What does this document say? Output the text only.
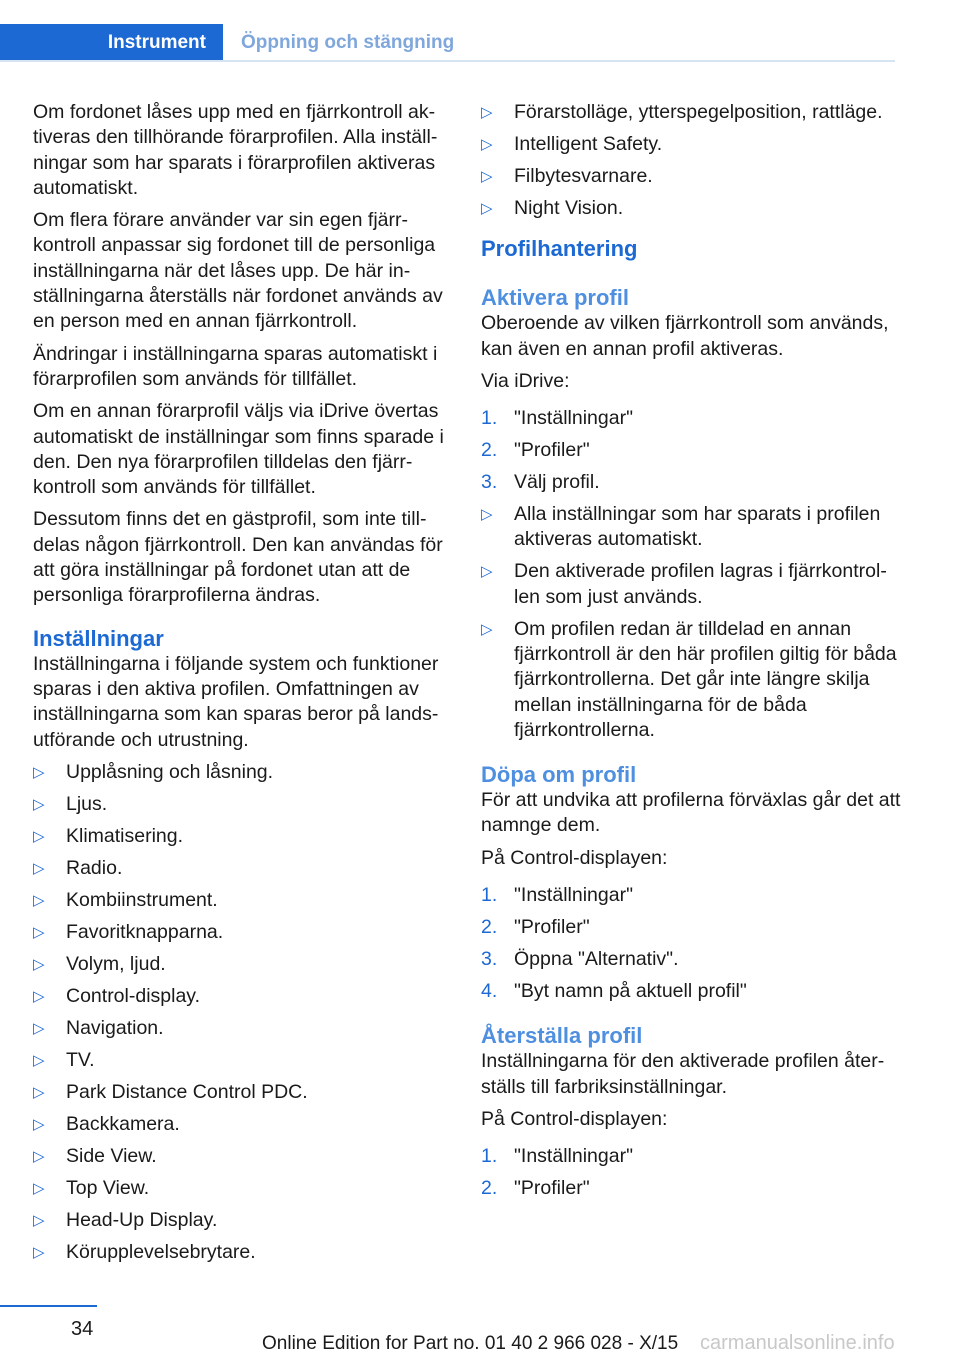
Instrument	Öppning och stängning

Om fordonet låses upp med en fjärrkontroll aktiveras den tillhörande förarprofilen. Alla inställningar som har sparats i förarprofilen aktiveras automatiskt.

Om flera förare använder var sin egen fjärrkontroll anpassar sig fordonet till de personliga inställningarna när det låses upp. De här inställningarna återställs när fordonet används av en person med en annan fjärrkontroll.

Ändringar i inställningarna sparas automatiskt i förarprofilen som används för tillfället.

Om en annan förarprofil väljs via iDrive övertas automatiskt de inställningar som finns sparade i den. Den nya förarprofilen tilldelas den fjärrkontroll som används för tillfället.

Dessutom finns det en gästprofil, som inte tilldelas någon fjärrkontroll. Den kan användas för att göra inställningar på fordonet utan att de personliga förarprofilerna ändras.

Inställningar

Inställningarna i följande system och funktioner sparas i den aktiva profilen. Omfattningen av inställningarna som kan sparas beror på landsutförande och utrustning.

▷ Upplåsning och låsning.
▷ Ljus.
▷ Klimatisering.
▷ Radio.
▷ Kombiinstrument.
▷ Favoritknapparna.
▷ Volym, ljud.
▷ Control-display.
▷ Navigation.
▷ TV.
▷ Park Distance Control PDC.
▷ Backkamera.
▷ Side View.
▷ Top View.
▷ Head-Up Display.
▷ Körupplevelsebrytare.
▷ Förarstolläge, ytterspegelposition, rattläge.
▷ Intelligent Safety.
▷ Filbytesvarnare.
▷ Night Vision.
Profilhantering
Aktivera profil

Oberoende av vilken fjärrkontroll som används, kan även en annan profil aktiveras.

Via iDrive:

1. "Inställningar"
2. "Profiler"
3. Välj profil.
▷ Alla inställningar som har sparats i profilen aktiveras automatiskt.
▷ Den aktiverade profilen lagras i fjärrkontrollen som just används.
▷ Om profilen redan är tilldelad en annan fjärrkontroll är den här profilen giltig för båda fjärrkontrollerna. Det går inte längre skilja mellan inställningarna för de båda fjärrkontrollerna.
Döpa om profil

För att undvika att profilerna förväxlas går det att namnge dem.

På Control-displayen:

1. "Inställningar"
2. "Profiler"
3. Öppna "Alternativ".
4. "Byt namn på aktuell profil"
Återställa profil

Inställningarna för den aktiverade profilen återställs till farbriksinställningar.

På Control-displayen:

1. "Inställningar"
2. "Profiler"
34
Online Edition for Part no. 01 40 2 966 028 - X/15 carmanualsonline.info
